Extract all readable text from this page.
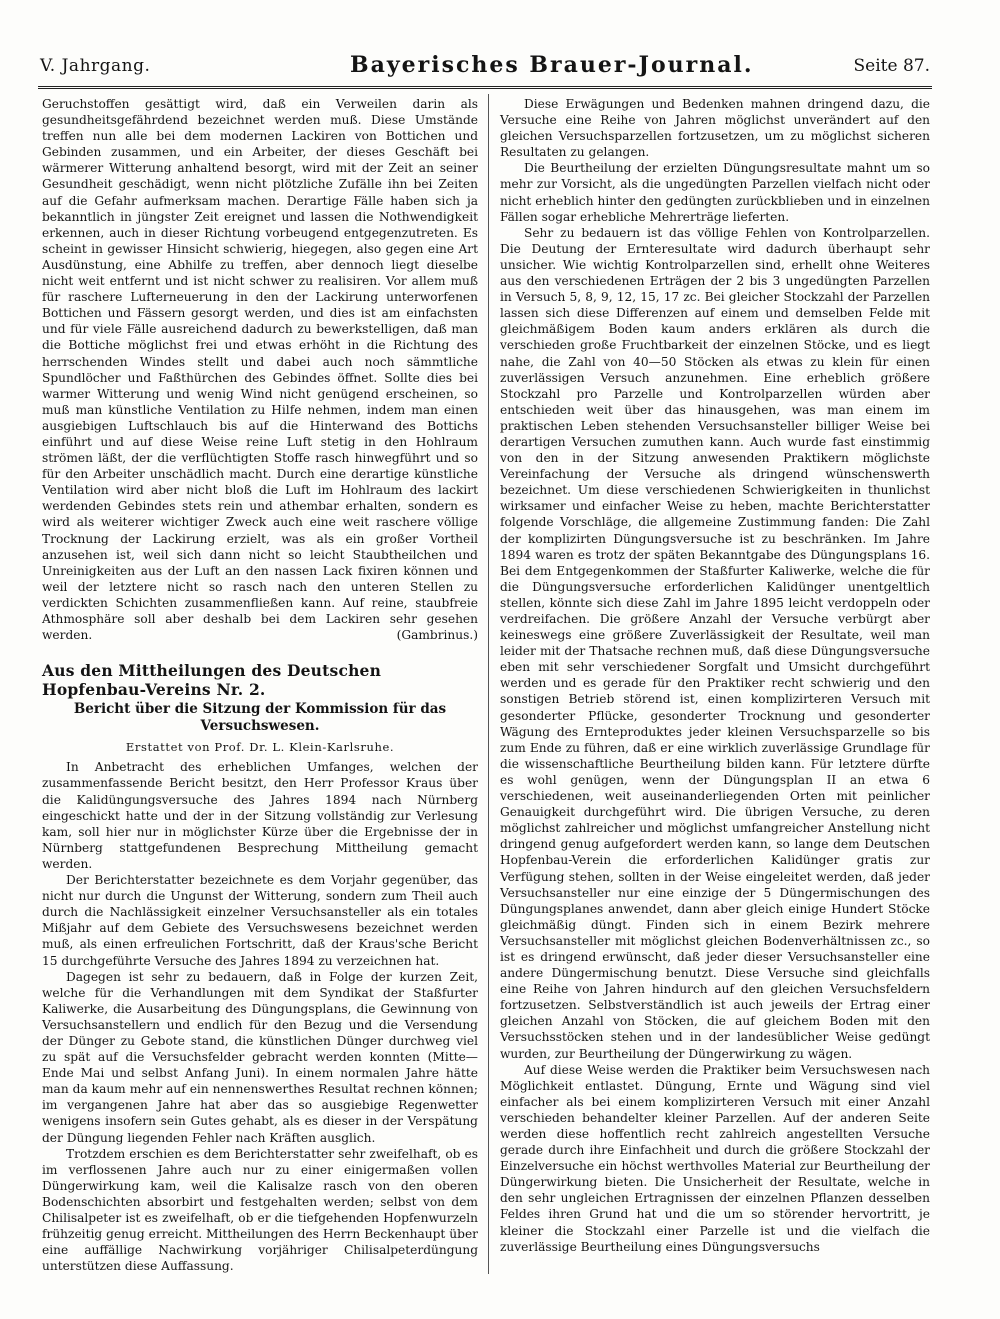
V. Jahrgang.	Bayerisches Brauer-Journal.	Seite 87.

Geruchstoffen gesättigt wird, daß ein Verweilen darin als gesundheitsgefährdend bezeichnet werden muß. Diese Umstände treffen nun alle bei dem modernen Lackiren von Bottichen und Gebinden zusammen, und ein Arbeiter, der dieses Geschäft bei wärmerer Witterung anhaltend besorgt, wird mit der Zeit an seiner Gesundheit geschädigt, wenn nicht plötzliche Zufälle ihn bei Zeiten auf die Gefahr aufmerksam machen. Derartige Fälle haben sich ja bekanntlich in jüngster Zeit ereignet und lassen die Nothwendigkeit erkennen, auch in dieser Richtung vorbeugend entgegenzutreten. Es scheint in gewisser Hinsicht schwierig, hiegegen, also gegen eine Art Ausdünstung, eine Abhilfe zu treffen, aber dennoch liegt dieselbe nicht weit entfernt und ist nicht schwer zu realisiren. Vor allem muß für raschere Lufterneuerung in den der Lackirung unterworfenen Bottichen und Fässern gesorgt werden, und dies ist am einfachsten und für viele Fälle ausreichend dadurch zu bewerkstelligen, daß man die Bottiche möglichst frei und etwas erhöht in die Richtung des herrschenden Windes stellt und dabei auch noch sämmtliche Spundlöcher und Faßthürchen des Gebindes öffnet. Sollte dies bei warmer Witterung und wenig Wind nicht genügend erscheinen, so muß man künstliche Ventilation zu Hilfe nehmen, indem man einen ausgiebigen Luftschlauch bis auf die Hinterwand des Bottichs einführt und auf diese Weise reine Luft stetig in den Hohlraum strömen läßt, der die verflüchtigten Stoffe rasch hinwegführt und so für den Arbeiter unschädlich macht. Durch eine derartige künstliche Ventilation wird aber nicht bloß die Luft im Hohlraum des lackirt werdenden Gebindes stets rein und athembar erhalten, sondern es wird als weiterer wichtiger Zweck auch eine weit raschere völlige Trocknung der Lackirung erzielt, was als ein großer Vortheil anzusehen ist, weil sich dann nicht so leicht Staubtheilchen und Unreinigkeiten aus der Luft an den nassen Lack fixiren können und weil der letztere nicht so rasch nach den unteren Stellen zu verdickten Schichten zusammenfließen kann. Auf reine, staubfreie Athmosphäre soll aber deshalb bei dem Lackiren sehr gesehen werden.	(Gambrinus.)
Aus den Mittheilungen des Deutschen Hopfenbau-Vereins Nr. 2.
Bericht über die Sitzung der Kommission für das Versuchswesen.
Erstattet von Prof. Dr. L. Klein-Karlsruhe.

In Anbetracht des erheblichen Umfanges, welchen der zusammenfassende Bericht besitzt, den Herr Professor Kraus über die Kalidüngungsversuche des Jahres 1894 nach Nürnberg eingeschickt hatte und der in der Sitzung vollständig zur Verlesung kam, soll hier nur in möglichster Kürze über die Ergebnisse der in Nürnberg stattgefundenen Besprechung Mittheilung gemacht werden.

Der Berichterstatter bezeichnete es dem Vorjahr gegenüber, das nicht nur durch die Ungunst der Witterung, sondern zum Theil auch durch die Nachlässigkeit einzelner Versuchsansteller als ein totales Mißjahr auf dem Gebiete des Versuchswesens bezeichnet werden muß, als einen erfreulichen Fortschritt, daß der Kraus'sche Bericht 15 durchgeführte Versuche des Jahres 1894 zu verzeichnen hat.

Dagegen ist sehr zu bedauern, daß in Folge der kurzen Zeit, welche für die Verhandlungen mit dem Syndikat der Staßfurter Kaliwerke, die Ausarbeitung des Düngungsplans, die Gewinnung von Versuchsanstellern und endlich für den Bezug und die Versendung der Dünger zu Gebote stand, die künstlichen Dünger durchweg viel zu spät auf die Versuchsfelder gebracht werden konnten (Mitte—Ende Mai und selbst Anfang Juni). In einem normalen Jahre hätte man da kaum mehr auf ein nennenswerthes Resultat rechnen können; im vergangenen Jahre hat aber das so ausgiebige Regenwetter wenigens insofern sein Gutes gehabt, als es dieser in der Verspätung der Düngung liegenden Fehler nach Kräften ausglich.

Trotzdem erschien es dem Berichterstatter sehr zweifelhaft, ob es im verflossenen Jahre auch nur zu einer einigermaßen vollen Düngerwirkung kam, weil die Kalisalze rasch von den oberen Bodenschichten absorbirt und festgehalten werden; selbst von dem Chilisalpeter ist es zweifelhaft, ob er die tiefgehenden Hopfenwurzeln frühzeitig genug erreicht. Mittheilungen des Herrn Beckenhaupt über eine auffällige Nachwirkung vorjähriger Chilisalpeterdüngung unterstützen diese Auffassung.

Diese Erwägungen und Bedenken mahnen dringend dazu, die Versuche eine Reihe von Jahren möglichst unverändert auf den gleichen Versuchsparzellen fortzusetzen, um zu möglichst sicheren Resultaten zu gelangen.

Die Beurtheilung der erzielten Düngungsresultate mahnt um so mehr zur Vorsicht, als die ungedüngten Parzellen vielfach nicht oder nicht erheblich hinter den gedüngten zurückblieben und in einzelnen Fällen sogar erhebliche Mehrerträge lieferten.

Sehr zu bedauern ist das völlige Fehlen von Kontrolparzellen. Die Deutung der Ernteresultate wird dadurch überhaupt sehr unsicher. Wie wichtig Kontrolparzellen sind, erhellt ohne Weiteres aus den verschiedenen Erträgen der 2 bis 3 ungedüngten Parzellen in Versuch 5, 8, 9, 12, 15, 17 zc. Bei gleicher Stockzahl der Parzellen lassen sich diese Differenzen auf einem und demselben Felde mit gleichmäßigem Boden kaum anders erklären als durch die verschieden große Fruchtbarkeit der einzelnen Stöcke, und es liegt nahe, die Zahl von 40—50 Stöcken als etwas zu klein für einen zuverlässigen Versuch anzunehmen. Eine erheblich größere Stockzahl pro Parzelle und Kontrolparzellen würden aber entschieden weit über das hinausgehen, was man einem im praktischen Leben stehenden Versuchsansteller billiger Weise bei derartigen Versuchen zumuthen kann. Auch wurde fast einstimmig von den in der Sitzung anwesenden Praktikern möglichste Vereinfachung der Versuche als dringend wünschenswerth bezeichnet. Um diese verschiedenen Schwierigkeiten in thunlichst wirksamer und einfacher Weise zu heben, machte Berichterstatter folgende Vorschläge, die allgemeine Zustimmung fanden: Die Zahl der komplizirten Düngungsversuche ist zu beschränken. Im Jahre 1894 waren es trotz der späten Bekanntgabe des Düngungsplans 16. Bei dem Entgegenkommen der Staßfurter Kaliwerke, welche die für die Düngungsversuche erforderlichen Kalidünger unentgeltlich stellen, könnte sich diese Zahl im Jahre 1895 leicht verdoppeln oder verdreifachen. Die größere Anzahl der Versuche verbürgt aber keineswegs eine größere Zuverlässigkeit der Resultate, weil man leider mit der Thatsache rechnen muß, daß diese Düngungsversuche eben mit sehr verschiedener Sorgfalt und Umsicht durchgeführt werden und es gerade für den Praktiker recht schwierig und den sonstigen Betrieb störend ist, einen komplizirteren Versuch mit gesonderter Pflücke, gesonderter Trocknung und gesonderter Wägung des Ernteproduktes jeder kleinen Versuchsparzelle so bis zum Ende zu führen, daß er eine wirklich zuverlässige Grundlage für die wissenschaftliche Beurtheilung bilden kann. Für letztere dürfte es wohl genügen, wenn der Düngungsplan II an etwa 6 verschiedenen, weit auseinanderliegenden Orten mit peinlicher Genauigkeit durchgeführt wird. Die übrigen Versuche, zu deren möglichst zahlreicher und möglichst umfangreicher Anstellung nicht dringend genug aufgefordert werden kann, so lange dem Deutschen Hopfenbau-Verein die erforderlichen Kalidünger gratis zur Verfügung stehen, sollten in der Weise eingeleitet werden, daß jeder Versuchsansteller nur eine einzige der 5 Düngermischungen des Düngungsplanes anwendet, dann aber gleich einige Hundert Stöcke gleichmäßig düngt. Finden sich in einem Bezirk mehrere Versuchsansteller mit möglichst gleichen Bodenverhältnissen zc., so ist es dringend erwünscht, daß jeder dieser Versuchsansteller eine andere Düngermischung benutzt. Diese Versuche sind gleichfalls eine Reihe von Jahren hindurch auf den gleichen Versuchsfeldern fortzusetzen. Selbstverständlich ist auch jeweils der Ertrag einer gleichen Anzahl von Stöcken, die auf gleichem Boden mit den Versuchsstöcken stehen und in der landesüblicher Weise gedüngt wurden, zur Beurtheilung der Düngerwirkung zu wägen.

Auf diese Weise werden die Praktiker beim Versuchswesen nach Möglichkeit entlastet. Düngung, Ernte und Wägung sind viel einfacher als bei einem komplizirteren Versuch mit einer Anzahl verschieden behandelter kleiner Parzellen. Auf der anderen Seite werden diese hoffentlich recht zahlreich angestellten Versuche gerade durch ihre Einfachheit und durch die größere Stockzahl der Einzelversuche ein höchst werthvolles Material zur Beurtheilung der Düngerwirkung bieten. Die Unsicherheit der Resultate, welche in den sehr ungleichen Ertragnissen der einzelnen Pflanzen desselben Feldes ihren Grund hat und die um so störender hervortritt, je kleiner die Stockzahl einer Parzelle ist und die vielfach die zuverlässige Beurtheilung eines Düngungsversuchs
